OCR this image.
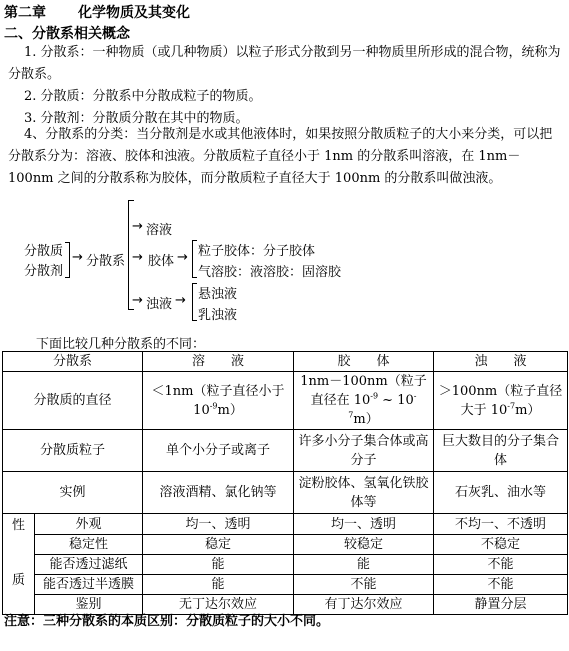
第二章 化学物质及其变化
二、分散系相关概念
1. 分散系：一种物质（或几种物质）以粒子形式分散到另一种物质里所形成的混合物，统称为分散系。
2. 分散质：分散系中分散成粒子的物质。
3. 分散剂：分散质分散在其中的物质。
4、分散系的分类：当分散剂是水或其他液体时，如果按照分散质粒子的大小来分类，可以把分散系分为：溶液、胶体和浊液。分散质粒子直径小于 1nm 的分散系叫溶液，在 1nm－100nm 之间的分散系称为胶体，而分散质粒子直径大于 100nm 的分散系叫做浊液。
分散质
分散剂
→ 分散系
→ 溶液
→ 胶体 → 粒子胶体：分子胶体
气溶胶：液溶胶：固溶胶
→ 浊液 → 悬浊液
乳浊液
下面比较几种分散系的不同：
分散系		溶　　液	胶　　体	浊　　液
分散质的直径		＜1nm（粒子直径小于 $10^{-9}m$）	1nm－100nm（粒子直径在 $10^{-9}$ ~ $10^{-7}m$）	＞100nm（粒子直径大于 $10^{-7}m$）
分散质粒子		单个小分子或离子	许多小分子集合体或高分子	巨大数目的分子集合体
实例		溶液酒精、氯化钠等	淀粉胶体、氢氧化铁胶体等	石灰乳、油水等

性
质	外观	均一、透明	均一、透明	不均一、不透明
	稳定性	稳定	较稳定	不稳定
	能否透过滤纸	能	能	不能
	能否透过半透膜	能	不能	不能
	鉴别	无丁达尔效应	有丁达尔效应	静置分层
注意：三种分散系的本质区别：分散质粒子的大小不同。
